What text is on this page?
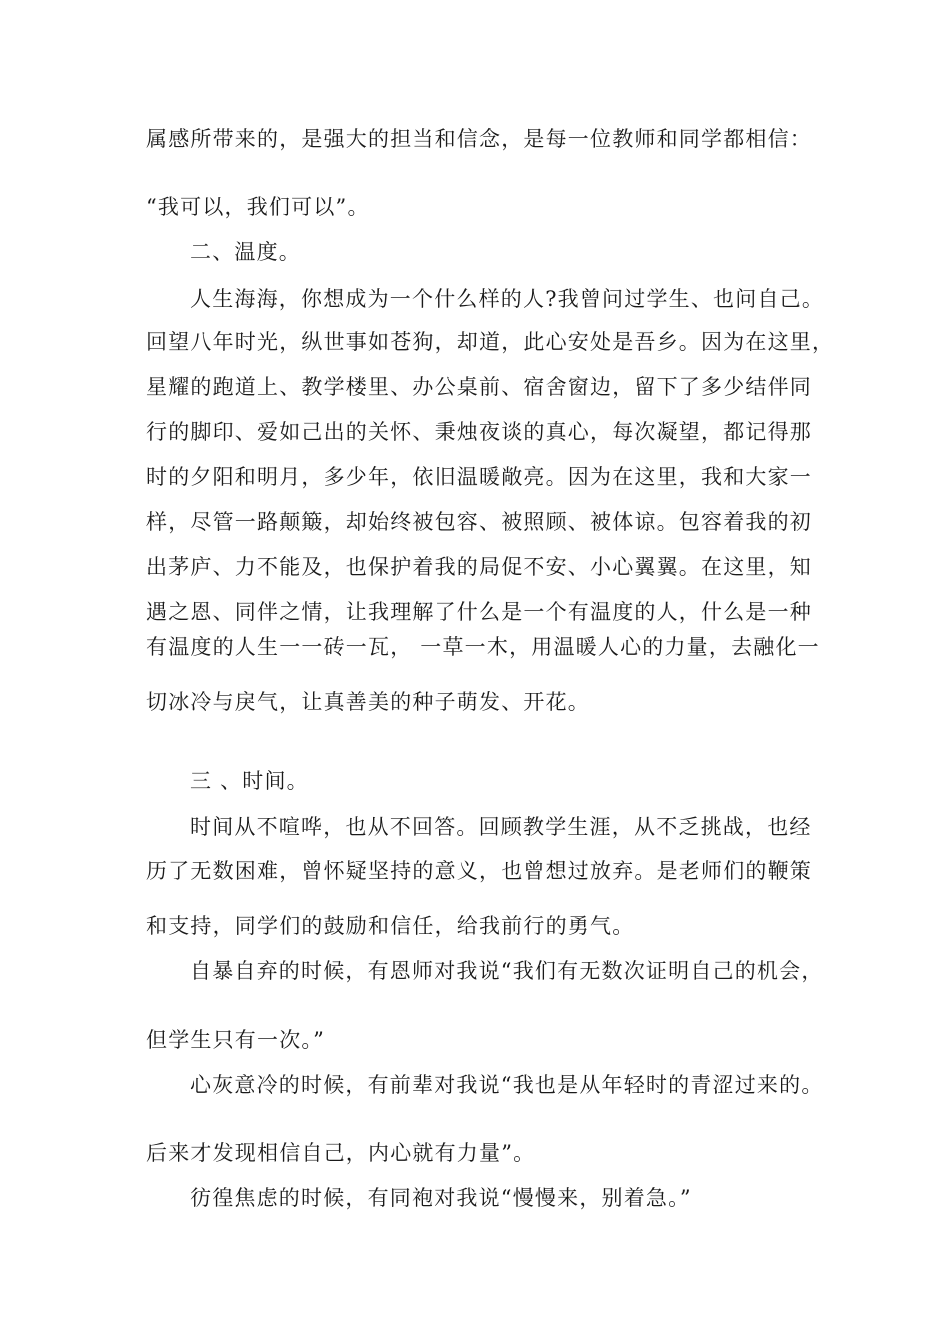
属感所带来的，是强大的担当和信念，是每一位教师和同学都相信：
“我可以，我们可以”。
二、温度。
人生海海，你想成为一个什么样的人?我曾问过学生、也问自己。
回望八年时光，纵世事如苍狗，却道，此心安处是吾乡。因为在这里，
星耀的跑道上、教学楼里、办公桌前、宿舍窗边，留下了多少结伴同
行的脚印、爱如己出的关怀、秉烛夜谈的真心，每次凝望，都记得那
时的夕阳和明月，多少年，依旧温暖敞亮。因为在这里，我和大家一
样，尽管一路颠簸，却始终被包容、被照顾、被体谅。包容着我的初
出茅庐、力不能及，也保护着我的局促不安、小心翼翼。在这里，知
遇之恩、同伴之情，让我理解了什么是一个有温度的人，什么是一种
有温度的人生一一砖一瓦， 一草一木，用温暖人心的力量，去融化一
切冰冷与戾气，让真善美的种子萌发、开花。
三 、时间。
时间从不喧哗，也从不回答。回顾教学生涯，从不乏挑战，也经
历了无数困难，曾怀疑坚持的意义，也曾想过放弃。是老师们的鞭策
和支持，同学们的鼓励和信任，给我前行的勇气。
自暴自弃的时候，有恩师对我说“我们有无数次证明自己的机会，
但学生只有一次。”
心灰意冷的时候，有前辈对我说“我也是从年轻时的青涩过来的。
后来才发现相信自己，内心就有力量”。
彷徨焦虑的时候，有同袍对我说“慢慢来，别着急。”
